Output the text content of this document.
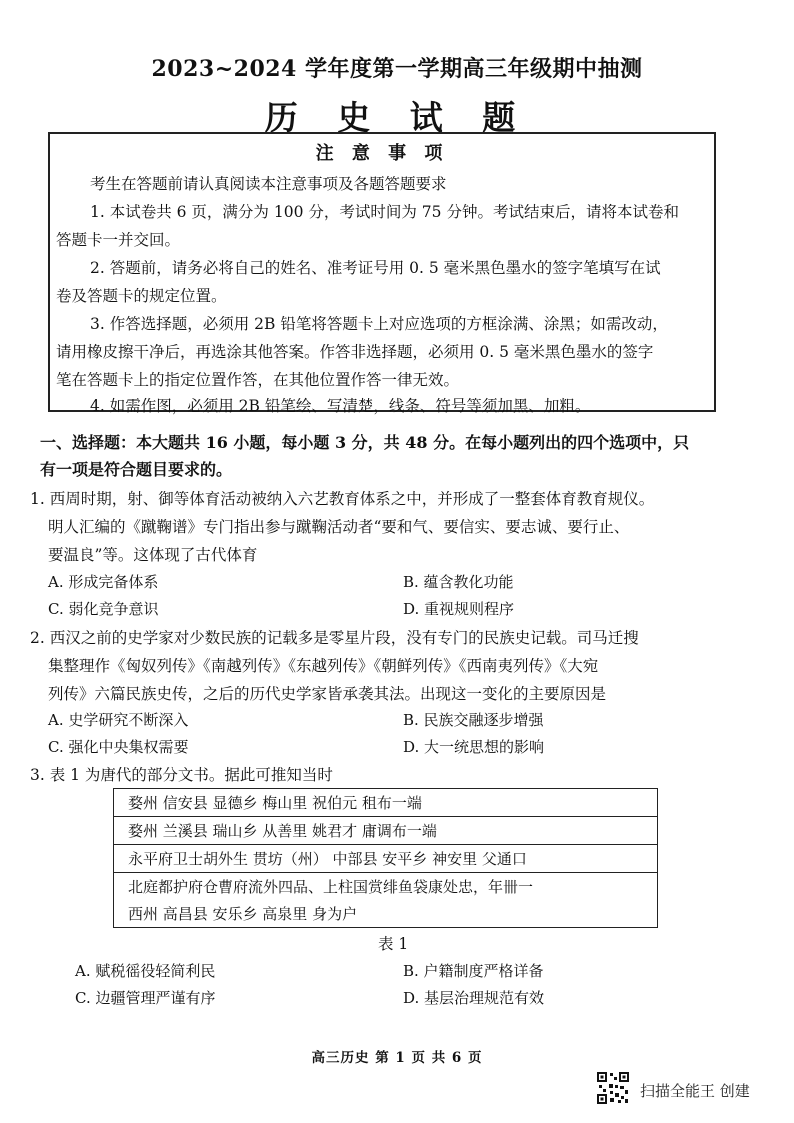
2023~2024 学年度第一学期高三年级期中抽测
历 史 试 题
注 意 事 项
考生在答题前请认真阅读本注意事项及各题答题要求
1. 本试卷共 6 页，满分为 100 分，考试时间为 75 分钟。考试结束后，请将本试卷和
答题卡一并交回。
2. 答题前，请务必将自己的姓名、准考证号用 0. 5 毫米黑色墨水的签字笔填写在试
卷及答题卡的规定位置。
3. 作答选择题，必须用 2B 铅笔将答题卡上对应选项的方框涂满、涂黑；如需改动，
请用橡皮擦干净后，再选涂其他答案。作答非选择题，必须用 0. 5 毫米黑色墨水的签字
笔在答题卡上的指定位置作答，在其他位置作答一律无效。
4. 如需作图，必须用 2B 铅笔绘、写清楚，线条、符号等须加黑、加粗。
一、选择题：本大题共 16 小题，每小题 3 分，共 48 分。在每小题列出的四个选项中，只
有一项是符合题目要求的。
1. 西周时期，射、御等体育活动被纳入六艺教育体系之中，并形成了一整套体育教育规仪。
明人汇编的《蹴鞠谱》专门指出参与蹴鞠活动者“要和气、要信实、要志诚、要行止、
要温良”等。这体现了古代体育
A. 形成完备体系	B. 蕴含教化功能
C. 弱化竞争意识	D. 重视规则程序
2. 西汉之前的史学家对少数民族的记载多是零星片段，没有专门的民族史记载。司马迁搜
集整理作《匈奴列传》《南越列传》《东越列传》《朝鲜列传》《西南夷列传》《大宛
列传》六篇民族史传，之后的历代史学家皆承袭其法。出现这一变化的主要原因是
A. 史学研究不断深入	B. 民族交融逐步增强
C. 强化中央集权需要	D. 大一统思想的影响
3. 表 1 为唐代的部分文书。据此可推知当时
婺州 信安县 显德乡 梅山里 祝伯元 租布一端
婺州 兰溪县 瑞山乡 从善里 姚君才 庸调布一端
永平府卫士胡外生 贯坊（州） 中部县 安平乡 神安里 父通口
北庭都护府仓曹府流外四品、上柱国赏绯鱼袋康处忠，年卌一
西州 高昌县 安乐乡 高泉里 身为户
表 1
A. 赋税徭役轻简利民	B. 户籍制度严格详备
C. 边疆管理严谨有序	D. 基层治理规范有效
高三历史 第 1 页 共 6 页
扫描全能王 创建
